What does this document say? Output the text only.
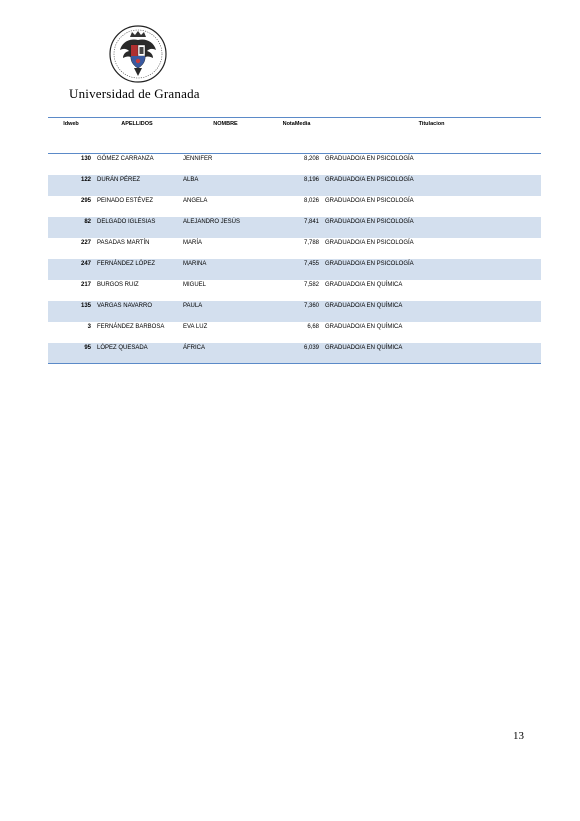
Universidad de Granada
Idweb	APELLIDOS	NOMBRE	NotaMedia	Titulacion

130	GÓMEZ CARRANZA	JENNIFER	8,208	GRADUADO/A EN PSICOLOGÍA
122	DURÁN PÉREZ	ALBA	8,196	GRADUADO/A EN PSICOLOGÍA
295	PEINADO ESTÉVEZ	ANGELA	8,026	GRADUADO/A EN PSICOLOGÍA
82	DELGADO IGLESIAS	ALEJANDRO JESÚS	7,841	GRADUADO/A EN PSICOLOGÍA
227	PASADAS MARTÍN	MARÍA	7,788	GRADUADO/A EN PSICOLOGÍA
247	FERNÁNDEZ LÓPEZ	MARINA	7,455	GRADUADO/A EN PSICOLOGÍA
217	BURGOS RUIZ	MIGUEL	7,582	GRADUADO/A EN QUÍMICA
135	VARGAS NAVARRO	PAULA	7,360	GRADUADO/A EN QUÍMICA
3	FERNÁNDEZ BARBOSA	EVA LUZ	6,68	GRADUADO/A EN QUÍMICA
95	LÓPEZ QUESADA	ÁFRICA	6,039	GRADUADO/A EN QUÍMICA
13
